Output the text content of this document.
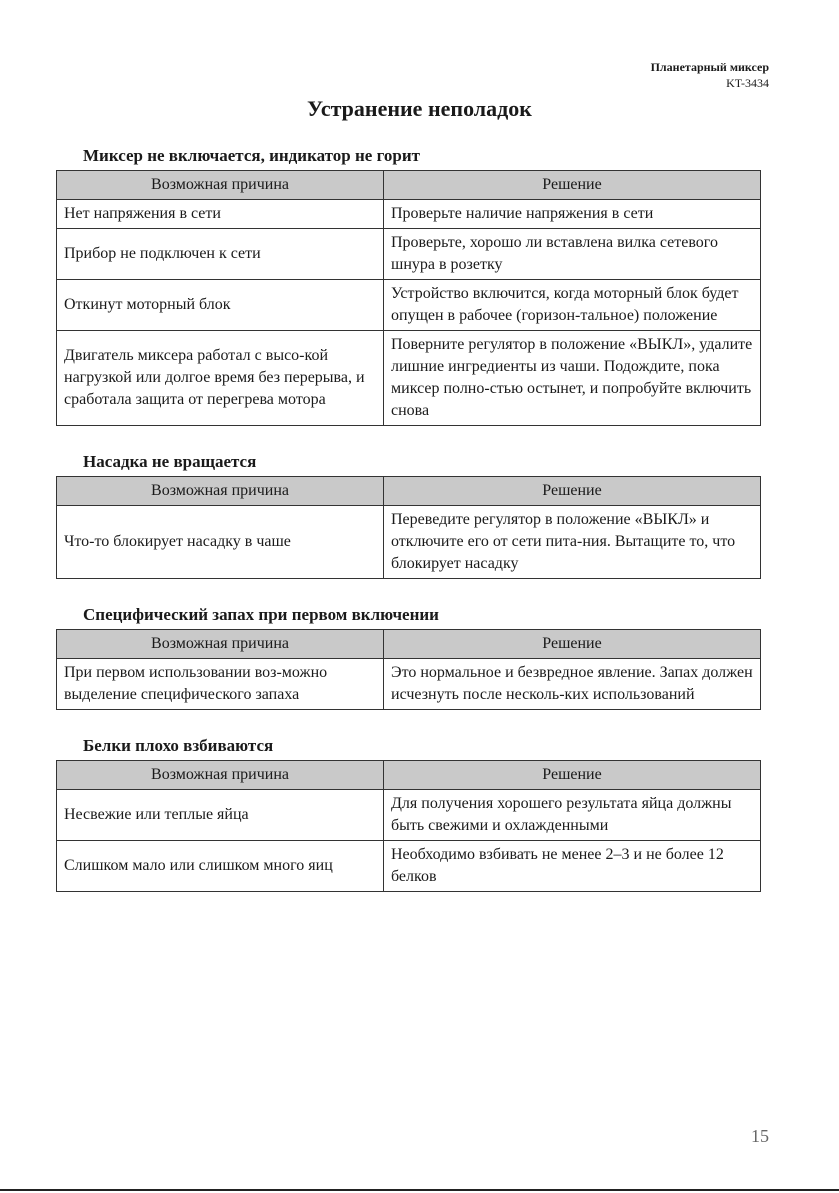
Планетарный миксер
KT-3434
Устранение неполадок
Миксер не включается, индикатор не горит
Возможная причина	Решение
Нет напряжения в сети	Проверьте наличие напряжения в сети
Прибор не подключен к сети	Проверьте, хорошо ли вставлена вилка сетевого шнура в розетку
Откинут моторный блок	Устройство включится, когда моторный блок будет опущен в рабочее (горизон-тальное) положение
Двигатель миксера работал с высо-кой нагрузкой или долгое время без перерыва, и сработала защита от перегрева мотора	Поверните регулятор в положение «ВЫКЛ», удалите лишние ингредиенты из чаши. Подождите, пока миксер полно-стью остынет, и попробуйте включить снова
Насадка не вращается
Возможная причина	Решение
Что-то блокирует насадку в чаше	Переведите регулятор в положение «ВЫКЛ» и отключите его от сети пита-ния. Вытащите то, что блокирует насадку
Специфический запах при первом включении
Возможная причина	Решение
При первом использовании воз-можно выделение специфического запаха	Это нормальное и безвредное явление. Запах должен исчезнуть после несколь-ких использований
Белки плохо взбиваются
Возможная причина	Решение
Несвежие или теплые яйца	Для получения хорошего результата яйца должны быть свежими и охлажденными
Слишком мало или слишком много яиц	Необходимо взбивать не менее 2–3 и не более 12 белков
15
